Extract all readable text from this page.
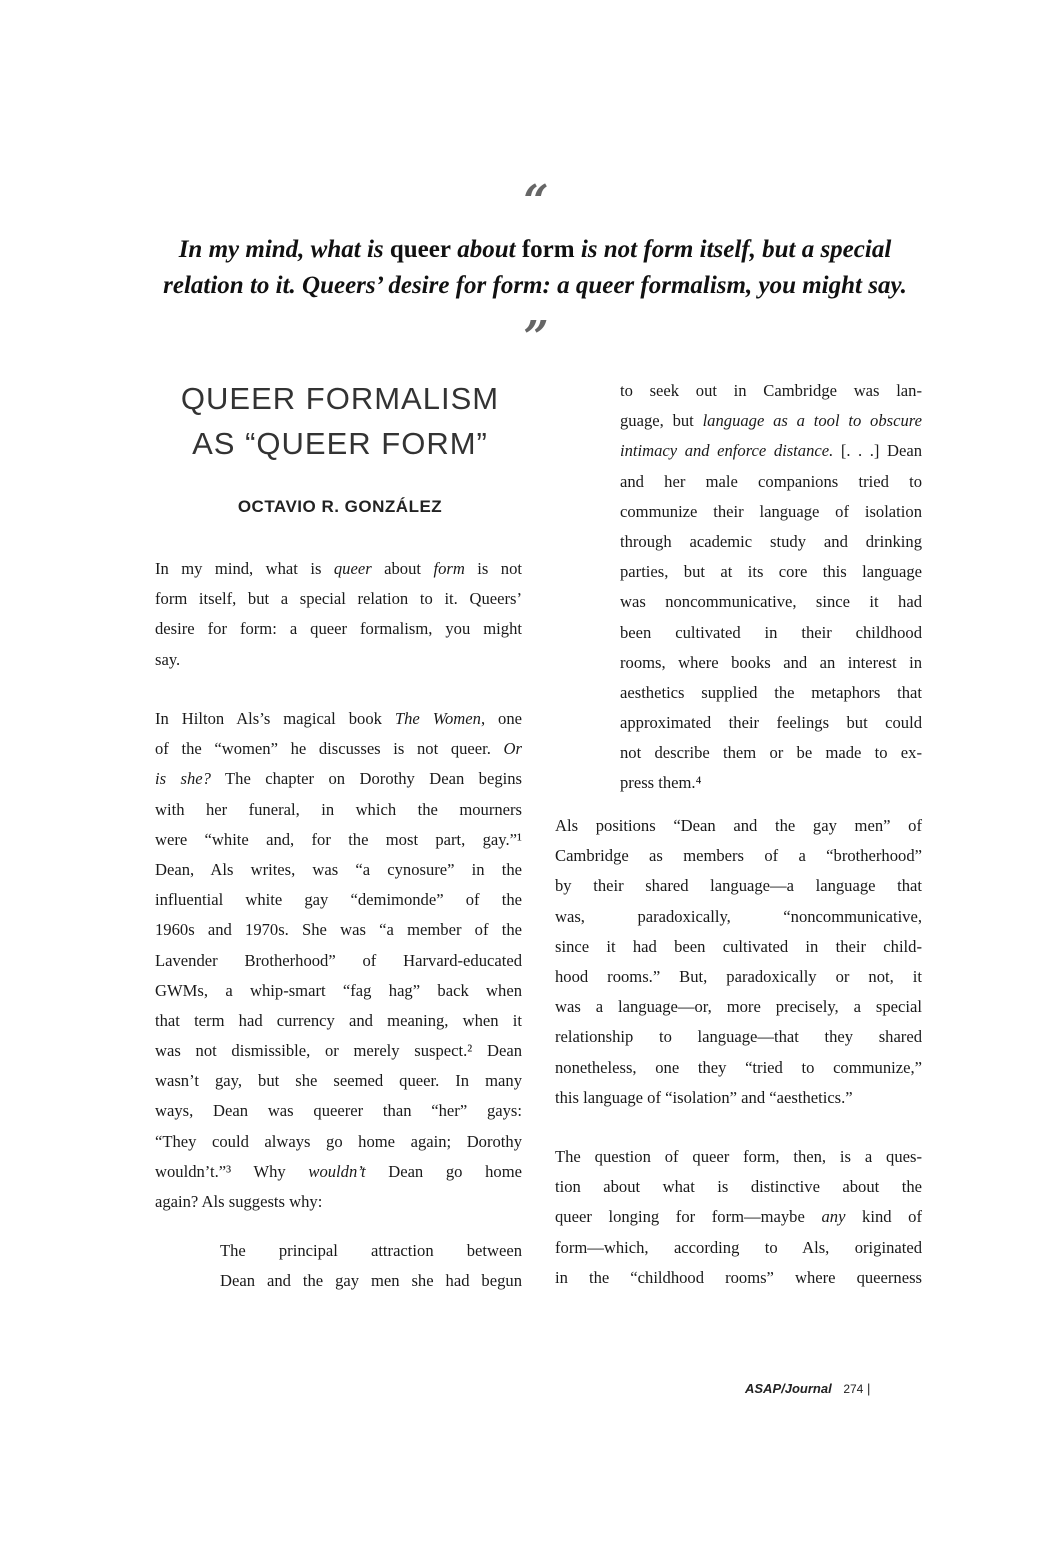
“
In my mind, what is queer about form is not form itself, but a special
relation to it. Queers’ desire for form: a queer formalism, you might say.
”
QUEER FORMALISM
AS “QUEER FORM”
OCTAVIO R. GONZÁLEZ
In my mind, what is queer about form is not
form itself, but a special relation to it. Queers’
desire for form: a queer formalism, you might
say.
In Hilton Als’s magical book The Women, one
of the “women” he discusses is not queer. Or
is she? The chapter on Dorothy Dean begins
with her funeral, in which the mourners
were “white and, for the most part, gay.”¹
Dean, Als writes, was “a cynosure” in the
influential white gay “demimonde” of the
1960s and 1970s. She was “a member of the
Lavender Brotherhood” of Harvard-educated
GWMs, a whip-smart “fag hag” back when
that term had currency and meaning, when it
was not dismissible, or merely suspect.² Dean
wasn’t gay, but she seemed queer. In many
ways, Dean was queerer than “her” gays:
“They could always go home again; Dorothy
wouldn’t.”³ Why wouldn’t Dean go home
again? Als suggests why:
The principal attraction between
Dean and the gay men she had begun
to seek out in Cambridge was lan-
guage, but language as a tool to obscure
intimacy and enforce distance. [. . .] Dean
and her male companions tried to
communize their language of isolation
through academic study and drinking
parties, but at its core this language
was noncommunicative, since it had
been cultivated in their childhood
rooms, where books and an interest in
aesthetics supplied the metaphors that
approximated their feelings but could
not describe them or be made to ex-
press them.⁴
Als positions “Dean and the gay men” of
Cambridge as members of a “brotherhood”
by their shared language—a language that
was, paradoxically, “noncommunicative,
since it had been cultivated in their child-
hood rooms.” But, paradoxically or not, it
was a language—or, more precisely, a special
relationship to language—that they shared
nonetheless, one they “tried to communize,”
this language of “isolation” and “aesthetics.”
The question of queer form, then, is a ques-
tion about what is distinctive about the
queer longing for form—maybe any kind of
form—which, according to Als, originated
in the “childhood rooms” where queerness
ASAP/Journal 274 |
